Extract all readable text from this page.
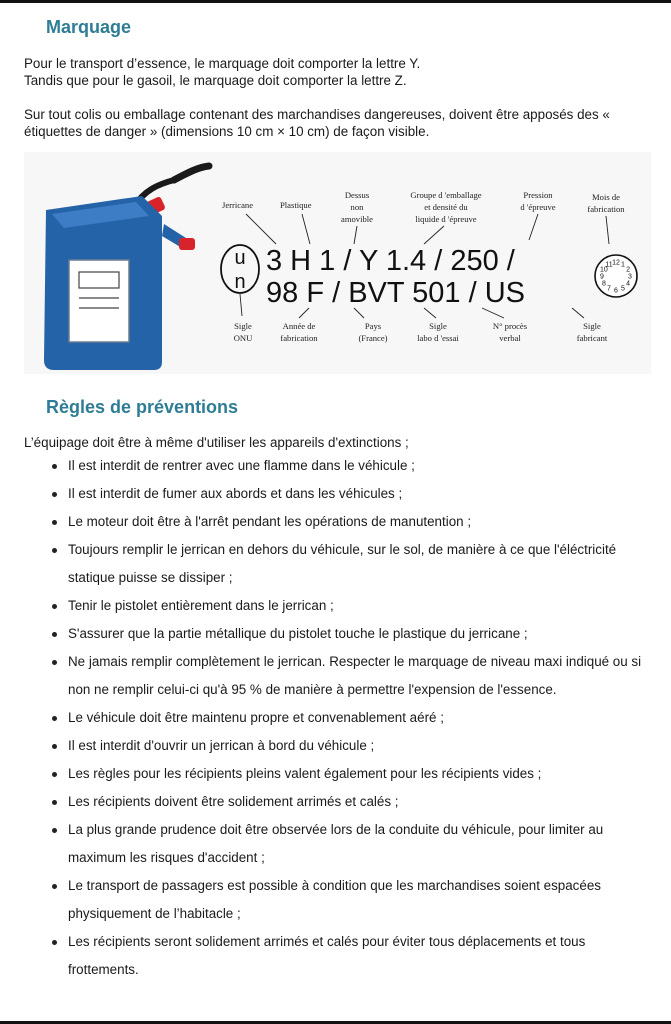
Marquage
Pour le transport d’essence, le marquage doit comporter la lettre Y.
Tandis que pour le gasoil, le marquage doit comporter la lettre Z.
Sur tout colis ou emballage contenant des marchandises dangereuses, doivent être apposés des « étiquettes de danger » (dimensions 10 cm × 10 cm) de façon visible.
Jerricane	Plastique
Dessus
non
amovible
Groupe d 'emballage
et densité du
liquide d 'épreuve
Pression
d 'épreuve
Mois de
fabrication
u
n
3 H 1 / Y 1.4 / 250 /
98 F / BVT 501 / US
1
2
3
4
5
6
7
8
9
10
11 12
Sigle
ONU
Année de
fabrication
Pays
(France)
Sigle
labo d 'essai
N° procès
verbal
Sigle
fabricant
Règles de préventions
L’équipage doit être à même d'utiliser les appareils d'extinctions ;
Il est interdit de rentrer avec une flamme dans le véhicule ;
Il est interdit de fumer aux abords et dans les véhicules ;
Le moteur doit être à l'arrêt pendant les opérations de manutention ;
Toujours remplir le jerrican en dehors du véhicule, sur le sol, de manière à ce que l'éléctricité statique puisse se dissiper ;
Tenir le pistolet entièrement dans le jerrican ;
S'assurer que la partie métallique du pistolet touche le plastique du jerricane ;
Ne jamais remplir complètement le jerrican. Respecter le marquage de niveau maxi indiqué ou si non ne remplir celui-ci qu'à 95 % de manière à permettre l'expension de l'essence.
Le véhicule doit être maintenu propre et convenablement aéré ;
Il est interdit d'ouvrir un jerrican à bord du véhicule ;
Les règles pour les récipients pleins valent également pour les récipients vides ;
Les récipients doivent être solidement arrimés et calés ;
La plus grande prudence doit être observée lors de la conduite du véhicule, pour limiter au maximum les risques d'accident ;
Le transport de passagers est possible à condition que les marchandises soient espacées physiquement de l’habitacle ;
Les récipients seront solidement arrimés et calés pour éviter tous déplacements et tous frottements.
